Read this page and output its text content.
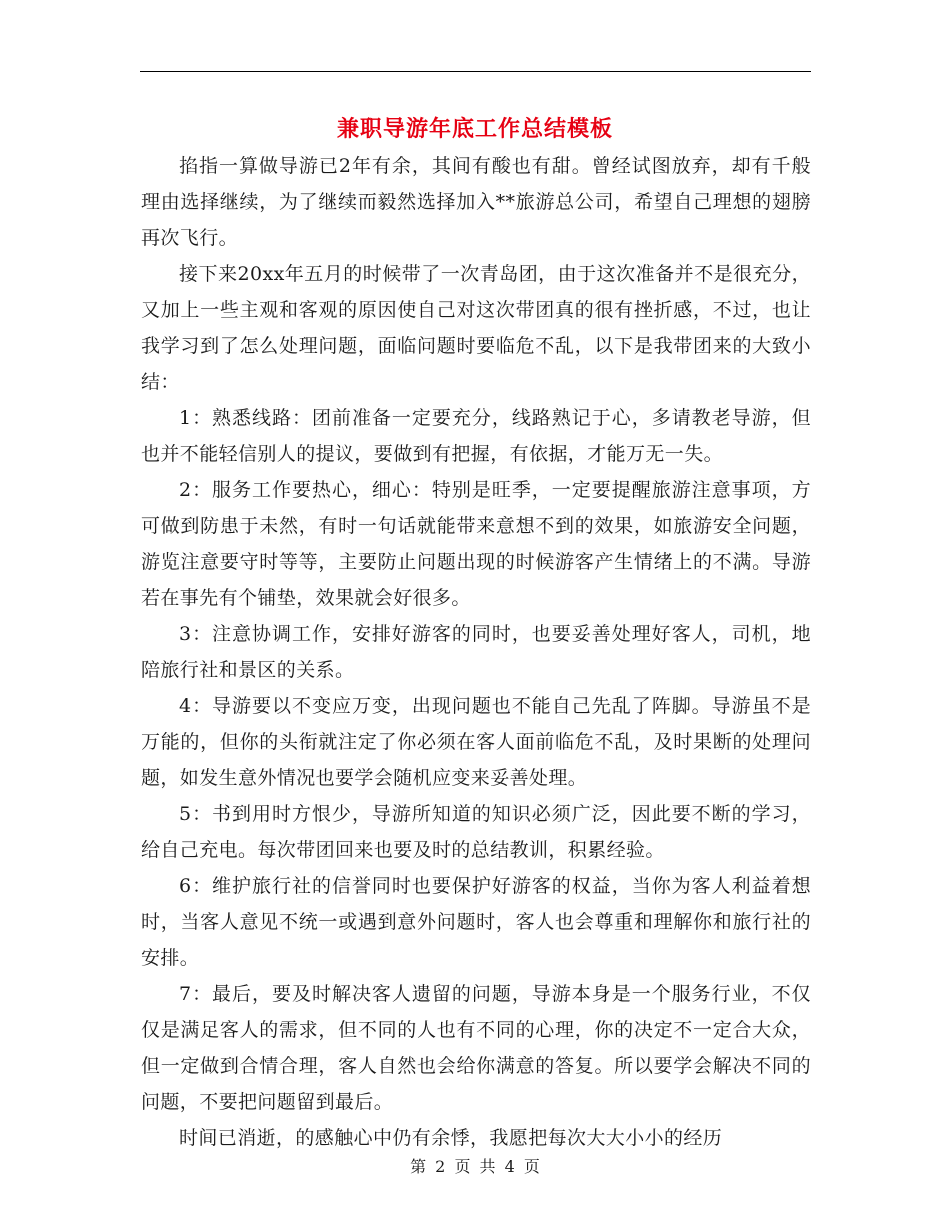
兼职导游年底工作总结模板

掐指一算做导游已2年有余，其间有酸也有甜。曾经试图放弃，却有千般理由选择继续，为了继续而毅然选择加入**旅游总公司，希望自己理想的翅膀再次飞行。

接下来20xx年五月的时候带了一次青岛团，由于这次准备并不是很充分，又加上一些主观和客观的原因使自己对这次带团真的很有挫折感，不过，也让我学习到了怎么处理问题，面临问题时要临危不乱，以下是我带团来的大致小结：

1：熟悉线路：团前准备一定要充分，线路熟记于心，多请教老导游，但也并不能轻信别人的提议，要做到有把握，有依据，才能万无一失。

2：服务工作要热心，细心：特别是旺季，一定要提醒旅游注意事项，方可做到防患于未然，有时一句话就能带来意想不到的效果，如旅游安全问题，游览注意要守时等等，主要防止问题出现的时候游客产生情绪上的不满。导游若在事先有个铺垫，效果就会好很多。

3：注意协调工作，安排好游客的同时，也要妥善处理好客人，司机，地陪旅行社和景区的关系。

4：导游要以不变应万变，出现问题也不能自己先乱了阵脚。导游虽不是万能的，但你的头衔就注定了你必须在客人面前临危不乱，及时果断的处理问题，如发生意外情况也要学会随机应变来妥善处理。

5：书到用时方恨少，导游所知道的知识必须广泛，因此要不断的学习，给自己充电。每次带团回来也要及时的总结教训，积累经验。

6：维护旅行社的信誉同时也要保护好游客的权益，当你为客人利益着想时，当客人意见不统一或遇到意外问题时，客人也会尊重和理解你和旅行社的安排。

7：最后，要及时解决客人遗留的问题，导游本身是一个服务行业，不仅仅是满足客人的需求，但不同的人也有不同的心理，你的决定不一定合大众，但一定做到合情合理，客人自然也会给你满意的答复。所以要学会解决不同的问题，不要把问题留到最后。

时间已消逝，的感触心中仍有余悸，我愿把每次大大小小的经历

第 2 页 共 4 页
